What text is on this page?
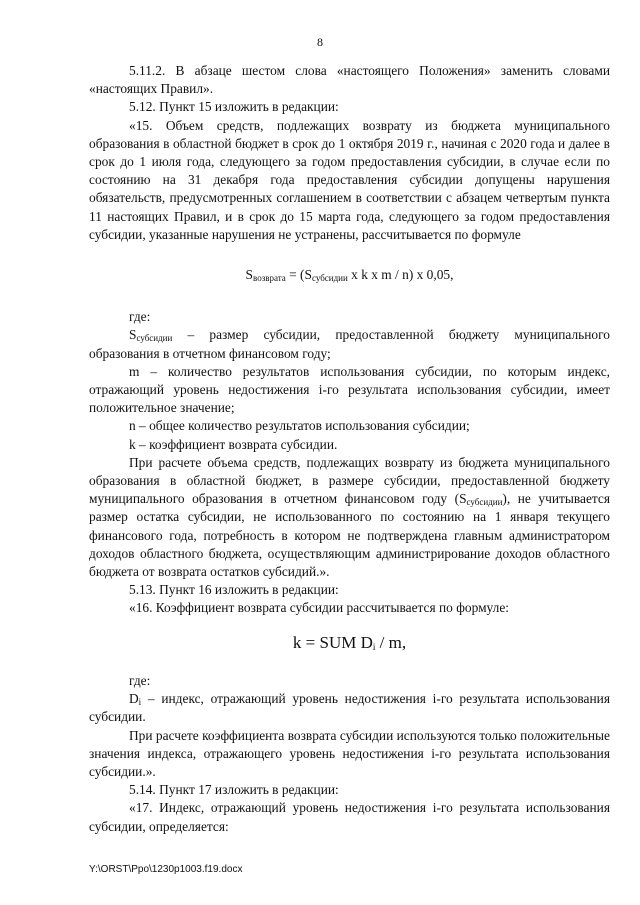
8

5.11.2. В абзаце шестом слова «настоящего Положения» заменить словами «настоящих Правил».

5.12. Пункт 15 изложить в редакции:

«15. Объем средств, подлежащих возврату из бюджета муниципального образования в областной бюджет в срок до 1 октября 2019 г., начиная с 2020 года и далее в срок до 1 июля года, следующего за годом предоставления субсидии, в случае если по состоянию на 31 декабря года предоставления субсидии допущены нарушения обязательств, предусмотренных соглашением в соответствии с абзацем четвертым пункта 11 настоящих Правил, и в срок до 15 марта года, следующего за годом предоставления субсидии, указанные нарушения не устранены, рассчитывается по формуле

$S_{возврата} = (S_{субсидии}$ x k x m / n) x 0,05,

где:

$S_{субсидии}$ – размер субсидии, предоставленной бюджету муниципального образования в отчетном финансовом году;

m – количество результатов использования субсидии, по которым индекс, отражающий уровень недостижения i-го результата использования субсидии, имеет положительное значение;

n – общее количество результатов использования субсидии;

k – коэффициент возврата субсидии.

При расчете объема средств, подлежащих возврату из бюджета муниципального образования в областной бюджет, в размере субсидии, предоставленной бюджету муниципального образования в отчетном финансовом году $(S_{субсидии})$, не учитывается размер остатка субсидии, не использованного по состоянию на 1 января текущего финансового года, потребность в котором не подтверждена главным администратором доходов областного бюджета, осуществляющим администрирование доходов областного бюджета от возврата остатков субсидий.».

5.13. Пункт 16 изложить в редакции:

«16. Коэффициент возврата субсидии рассчитывается по формуле:

k = SUM $D_i$ / m,

где:

$D_i$ – индекс, отражающий уровень недостижения i-го результата использования субсидии.

При расчете коэффициента возврата субсидии используются только положительные значения индекса, отражающего уровень недостижения i-го результата использования субсидии.».

5.14. Пункт 17 изложить в редакции:

«17. Индекс, отражающий уровень недостижения i-го результата использования субсидии, определяется:

Y:\ORST\Ppo\1230p1003.f19.docx
